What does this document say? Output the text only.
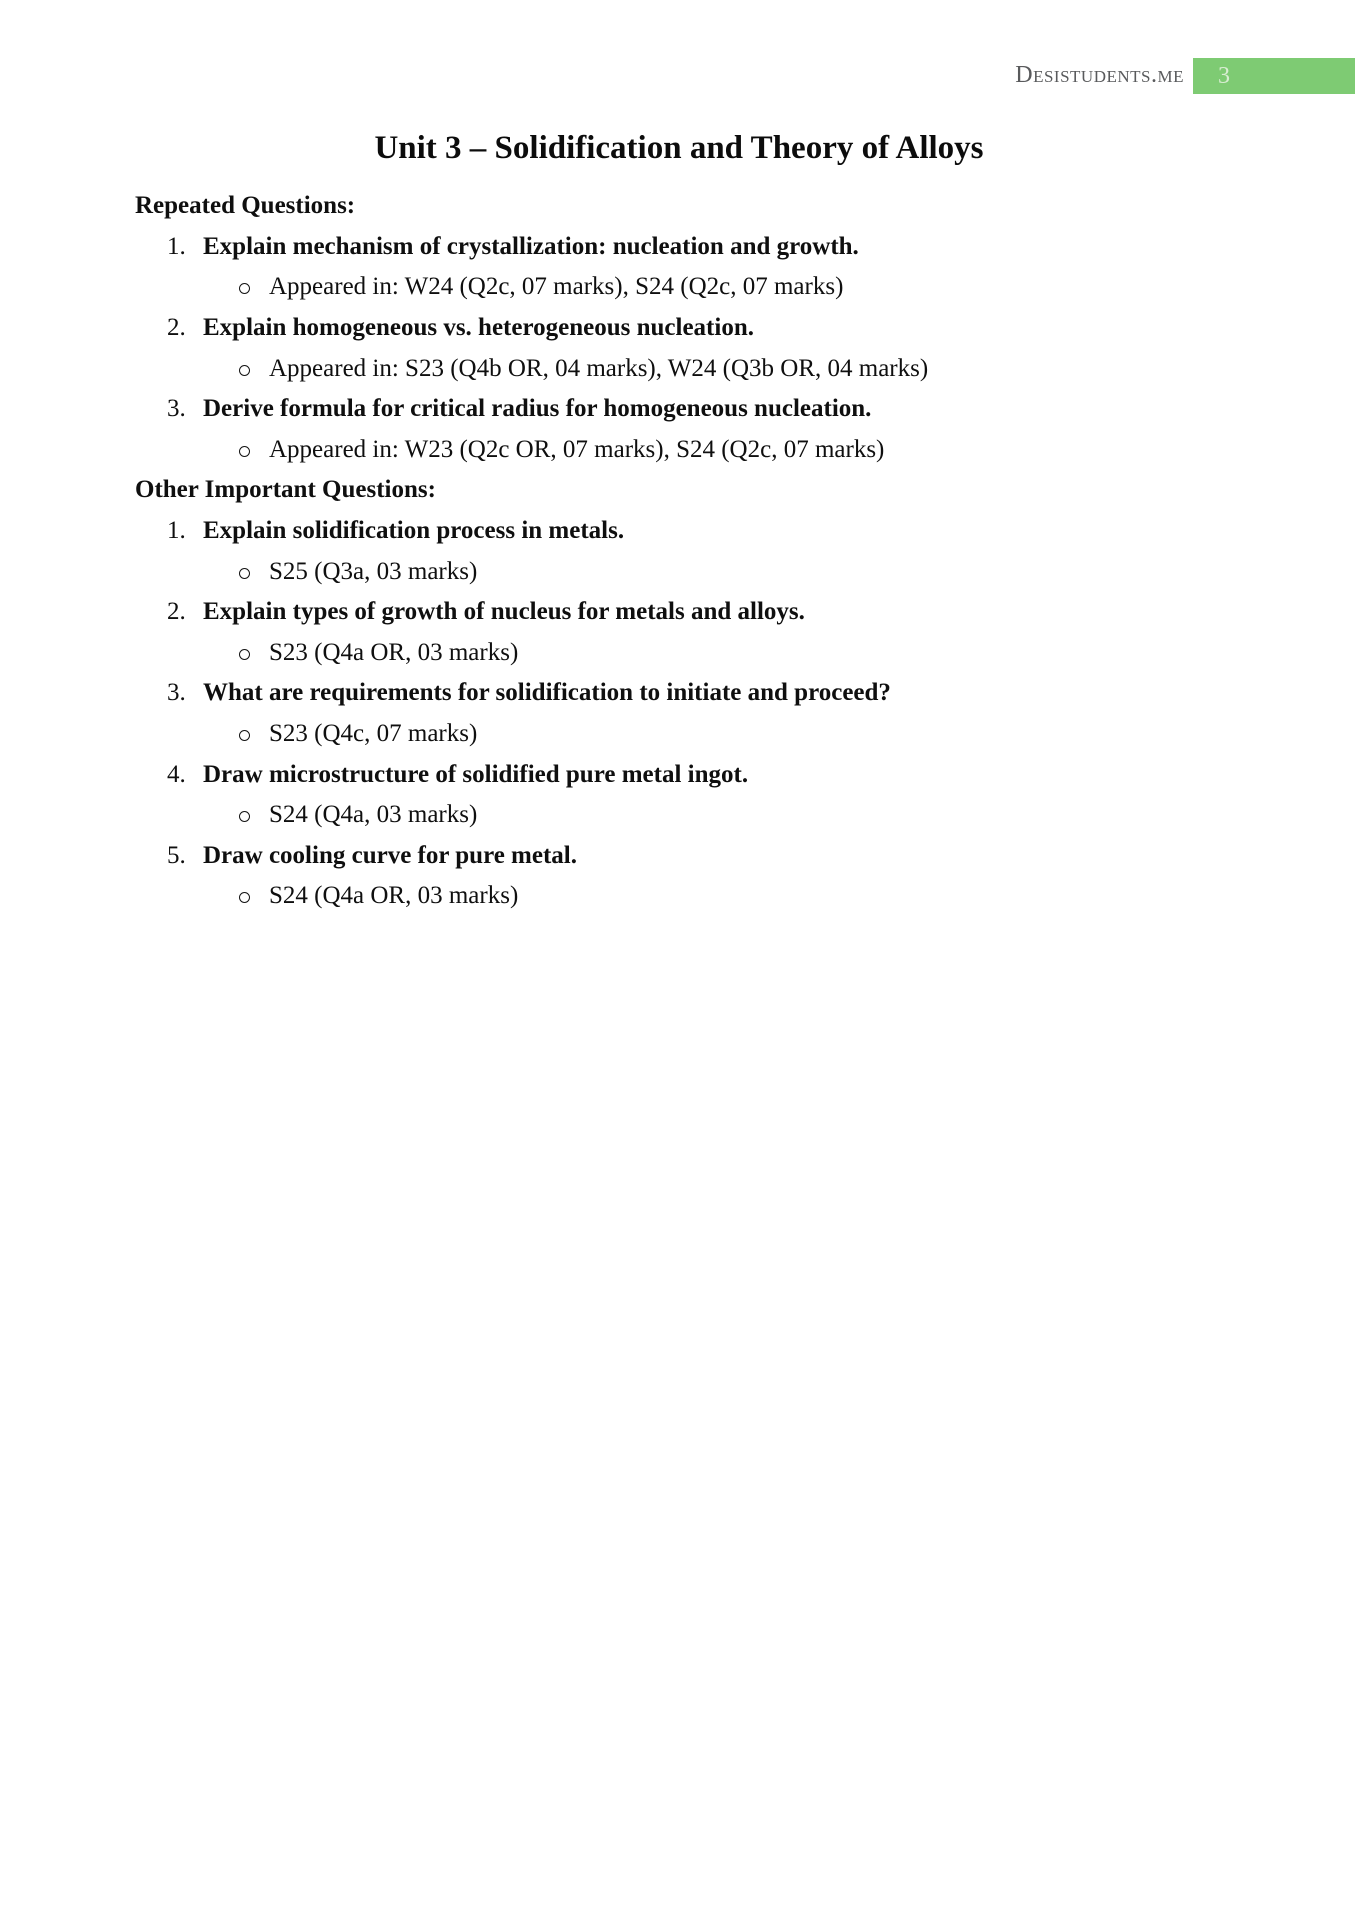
Desistudents.me	3
Unit 3 – Solidification and Theory of Alloys
Repeated Questions:
1. Explain mechanism of crystallization: nucleation and growth.
Appeared in: W24 (Q2c, 07 marks), S24 (Q2c, 07 marks)
2. Explain homogeneous vs. heterogeneous nucleation.
Appeared in: S23 (Q4b OR, 04 marks), W24 (Q3b OR, 04 marks)
3. Derive formula for critical radius for homogeneous nucleation.
Appeared in: W23 (Q2c OR, 07 marks), S24 (Q2c, 07 marks)
Other Important Questions:
1. Explain solidification process in metals.
S25 (Q3a, 03 marks)
2. Explain types of growth of nucleus for metals and alloys.
S23 (Q4a OR, 03 marks)
3. What are requirements for solidification to initiate and proceed?
S23 (Q4c, 07 marks)
4. Draw microstructure of solidified pure metal ingot.
S24 (Q4a, 03 marks)
5. Draw cooling curve for pure metal.
S24 (Q4a OR, 03 marks)
